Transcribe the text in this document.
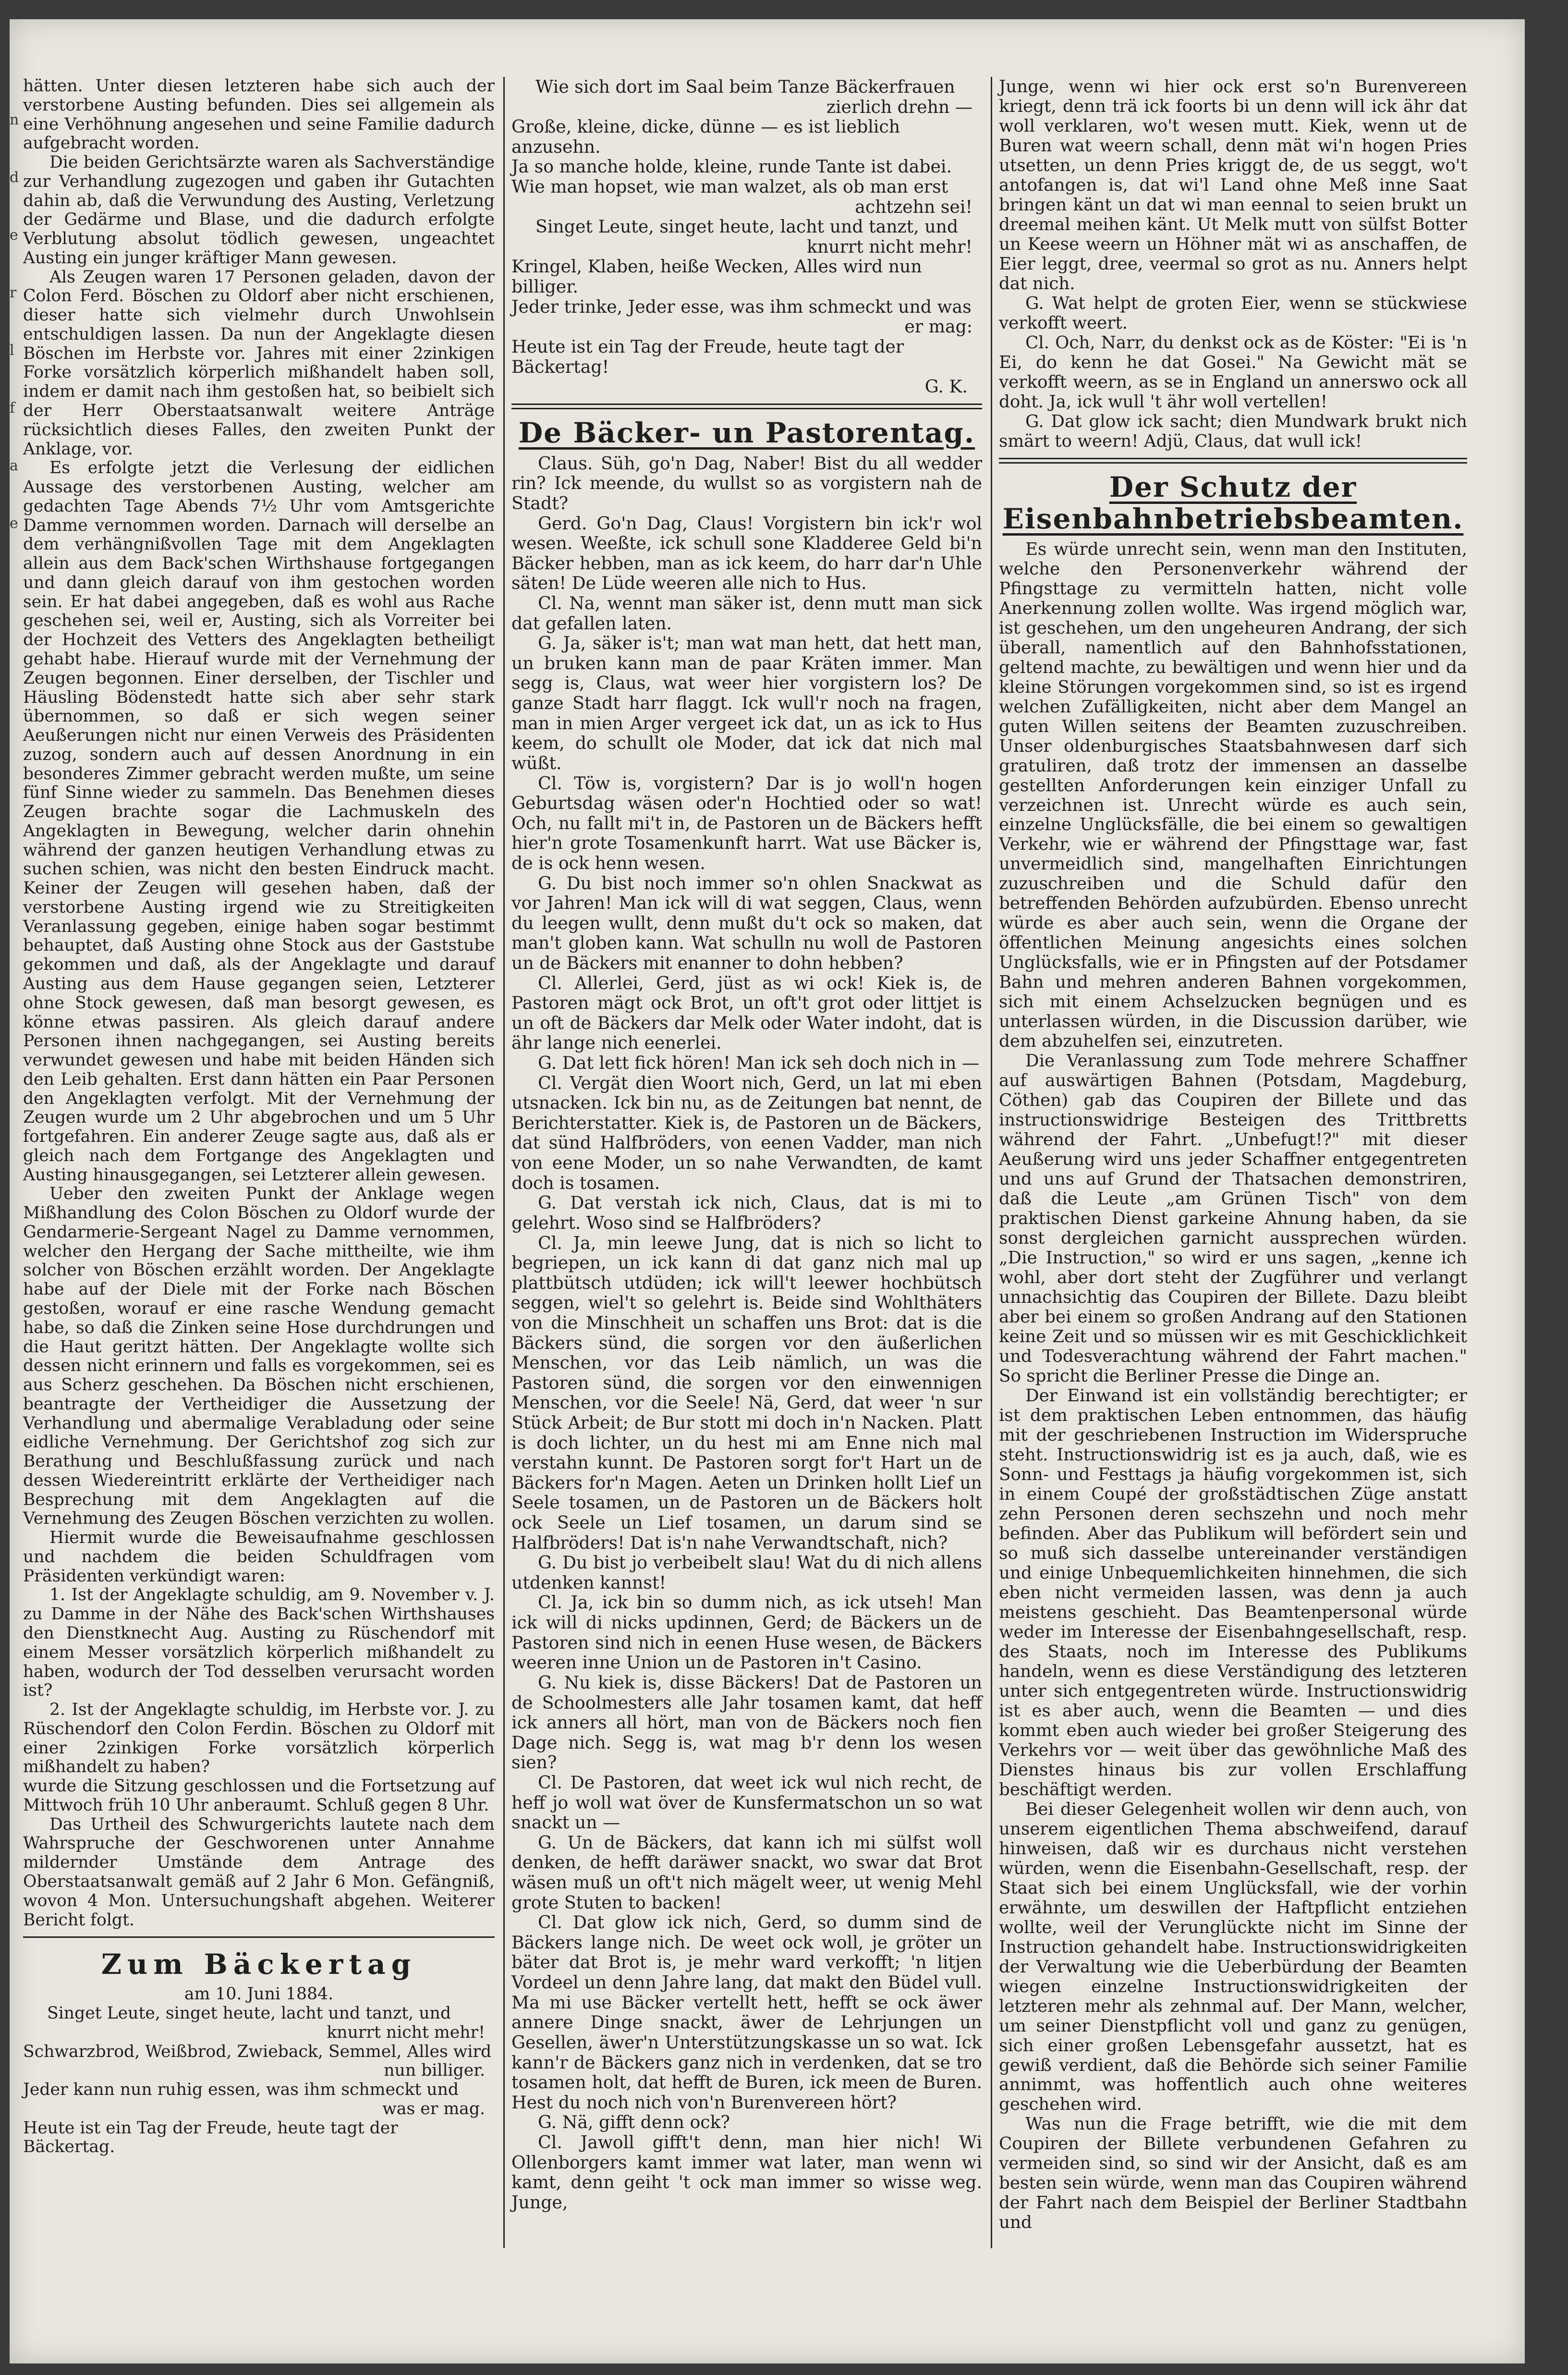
n
d
e
r
l
f
a
e

hätten. Unter diesen letzteren habe sich auch der verstorbene Austing befunden. Dies sei allgemein als eine Verhöhnung angesehen und seine Familie dadurch aufgebracht worden.

Die beiden Gerichtsärzte waren als Sachverständige zur Verhandlung zugezogen und gaben ihr Gutachten dahin ab, daß die Verwundung des Austing, Verletzung der Gedärme und Blase, und die dadurch erfolgte Verblutung absolut tödlich gewesen, ungeachtet Austing ein junger kräftiger Mann gewesen.

Als Zeugen waren 17 Personen geladen, davon der Colon Ferd. Böschen zu Oldorf aber nicht erschienen, dieser hatte sich vielmehr durch Unwohlsein entschuldigen lassen. Da nun der Angeklagte diesen Böschen im Herbste vor. Jahres mit einer 2zinkigen Forke vorsätzlich körperlich mißhandelt haben soll, indem er damit nach ihm gestoßen hat, so beibielt sich der Herr Oberstaatsanwalt weitere Anträge rücksichtlich dieses Falles, den zweiten Punkt der Anklage, vor.

Es erfolgte jetzt die Verlesung der eidlichen Aussage des verstorbenen Austing, welcher am gedachten Tage Abends 7½ Uhr vom Amtsgerichte Damme vernommen worden. Darnach will derselbe an dem verhängnißvollen Tage mit dem Angeklagten allein aus dem Back'schen Wirthshause fortgegangen und dann gleich darauf von ihm gestochen worden sein. Er hat dabei angegeben, daß es wohl aus Rache geschehen sei, weil er, Austing, sich als Vorreiter bei der Hochzeit des Vetters des Angeklagten betheiligt gehabt habe. Hierauf wurde mit der Vernehmung der Zeugen begonnen. Einer derselben, der Tischler und Häusling Bödenstedt hatte sich aber sehr stark übernommen, so daß er sich wegen seiner Aeußerungen nicht nur einen Verweis des Präsidenten zuzog, sondern auch auf dessen Anordnung in ein besonderes Zimmer gebracht werden mußte, um seine fünf Sinne wieder zu sammeln. Das Benehmen dieses Zeugen brachte sogar die Lachmuskeln des Angeklagten in Bewegung, welcher darin ohnehin während der ganzen heutigen Verhandlung etwas zu suchen schien, was nicht den besten Eindruck macht. Keiner der Zeugen will gesehen haben, daß der verstorbene Austing irgend wie zu Streitigkeiten Veranlassung gegeben, einige haben sogar bestimmt behauptet, daß Austing ohne Stock aus der Gaststube gekommen und daß, als der Angeklagte und darauf Austing aus dem Hause gegangen seien, Letzterer ohne Stock gewesen, daß man besorgt gewesen, es könne etwas passiren. Als gleich darauf andere Personen ihnen nachgegangen, sei Austing bereits verwundet gewesen und habe mit beiden Händen sich den Leib gehalten. Erst dann hätten ein Paar Personen den Angeklagten verfolgt. Mit der Vernehmung der Zeugen wurde um 2 Uhr abgebrochen und um 5 Uhr fortgefahren. Ein anderer Zeuge sagte aus, daß als er gleich nach dem Fortgange des Angeklagten und Austing hinausgegangen, sei Letzterer allein gewesen.

Ueber den zweiten Punkt der Anklage wegen Mißhandlung des Colon Böschen zu Oldorf wurde der Gendarmerie-Sergeant Nagel zu Damme vernommen, welcher den Hergang der Sache mittheilte, wie ihm solcher von Böschen erzählt worden. Der Angeklagte habe auf der Diele mit der Forke nach Böschen gestoßen, worauf er eine rasche Wendung gemacht habe, so daß die Zinken seine Hose durchdrungen und die Haut geritzt hätten. Der Angeklagte wollte sich dessen nicht erinnern und falls es vorgekommen, sei es aus Scherz geschehen. Da Böschen nicht erschienen, beantragte der Vertheidiger die Aussetzung der Verhandlung und abermalige Verabladung oder seine eidliche Vernehmung. Der Gerichtshof zog sich zur Berathung und Beschlußfassung zurück und nach dessen Wiedereintritt erklärte der Vertheidiger nach Besprechung mit dem Angeklagten auf die Vernehmung des Zeugen Böschen verzichten zu wollen.

Hiermit wurde die Beweisaufnahme geschlossen und nachdem die beiden Schuldfragen vom Präsidenten verkündigt waren:

1. Ist der Angeklagte schuldig, am 9. November v. J. zu Damme in der Nähe des Back'schen Wirthshauses den Dienstknecht Aug. Austing zu Rüschendorf mit einem Messer vorsätzlich körperlich mißhandelt zu haben, wodurch der Tod desselben verursacht worden ist?

2. Ist der Angeklagte schuldig, im Herbste vor. J. zu Rüschendorf den Colon Ferdin. Böschen zu Oldorf mit einer 2zinkigen Forke vorsätzlich körperlich mißhandelt zu haben?

wurde die Sitzung geschlossen und die Fortsetzung auf Mittwoch früh 10 Uhr anberaumt. Schluß gegen 8 Uhr.

Das Urtheil des Schwurgerichts lautete nach dem Wahrspruche der Geschworenen unter Annahme mildernder Umstände dem Antrage des Oberstaatsanwalt gemäß auf 2 Jahr 6 Mon. Gefängniß, wovon 4 Mon. Untersuchungshaft abgehen. Weiterer Bericht folgt.

Zum Bäckertag
am 10. Juni 1884.
Singet Leute, singet heute, lacht und tanzt, und
knurrt nicht mehr!
Schwarzbrod, Weißbrod, Zwieback, Semmel, Alles wird
nun billiger.
Jeder kann nun ruhig essen, was ihm schmeckt und
was er mag.
Heute ist ein Tag der Freude, heute tagt der Bäckertag.
Wie sich dort im Saal beim Tanze Bäckerfrauen
zierlich drehn —
Große, kleine, dicke, dünne — es ist lieblich anzusehn.
Ja so manche holde, kleine, runde Tante ist dabei.
Wie man hopset, wie man walzet, als ob man erst
achtzehn sei!
Singet Leute, singet heute, lacht und tanzt, und
knurrt nicht mehr!
Kringel, Klaben, heiße Wecken, Alles wird nun billiger.
Jeder trinke, Jeder esse, was ihm schmeckt und was
er mag:
Heute ist ein Tag der Freude, heute tagt der Bäckertag!
G. K.
De Bäcker- un Pastorentag.

Claus. Süh, go'n Dag, Naber! Bist du all wedder rin? Ick meende, du wullst so as vorgistern nah de Stadt?

Gerd. Go'n Dag, Claus! Vorgistern bin ick'r wol wesen. Weeßte, ick schull sone Kladderee Geld bi'n Bäcker hebben, man as ick keem, do harr dar'n Uhle säten! De Lüde weeren alle nich to Hus.

Cl. Na, wennt man säker ist, denn mutt man sick dat gefallen laten.

G. Ja, säker is't; man wat man hett, dat hett man, un bruken kann man de paar Kräten immer. Man segg is, Claus, wat weer hier vorgistern los? De ganze Stadt harr flaggt. Ick wull'r noch na fragen, man in mien Arger vergeet ick dat, un as ick to Hus keem, do schullt ole Moder, dat ick dat nich mal wüßt.

Cl. Töw is, vorgistern? Dar is jo woll'n hogen Geburtsdag wäsen oder'n Hochtied oder so wat! Och, nu fallt mi't in, de Pastoren un de Bäckers hefft hier'n grote Tosamenkunft harrt. Wat use Bäcker is, de is ock henn wesen.

G. Du bist noch immer so'n ohlen Snackwat as vor Jahren! Man ick will di wat seggen, Claus, wenn du leegen wullt, denn mußt du't ock so maken, dat man't globen kann. Wat schulln nu woll de Pastoren un de Bäckers mit enanner to dohn hebben?

Cl. Allerlei, Gerd, jüst as wi ock! Kiek is, de Pastoren mägt ock Brot, un oft't grot oder littjet is un oft de Bäckers dar Melk oder Water indoht, dat is ähr lange nich eenerlei.

G. Dat lett fick hören! Man ick seh doch nich in —

Cl. Vergät dien Woort nich, Gerd, un lat mi eben utsnacken. Ick bin nu, as de Zeitungen bat nennt, de Berichterstatter. Kiek is, de Pastoren un de Bäckers, dat sünd Halfbröders, von eenen Vadder, man nich von eene Moder, un so nahe Verwandten, de kamt doch is tosamen.

G. Dat verstah ick nich, Claus, dat is mi to gelehrt. Woso sind se Halfbröders?

Cl. Ja, min leewe Jung, dat is nich so licht to begriepen, un ick kann di dat ganz nich mal up plattbütsch utdüden; ick will't leewer hochbütsch seggen, wiel't so gelehrt is. Beide sind Wohlthäters von die Minschheit un schaffen uns Brot: dat is die Bäckers sünd, die sorgen vor den äußerlichen Menschen, vor das Leib nämlich, un was die Pastoren sünd, die sorgen vor den einwennigen Menschen, vor die Seele! Nä, Gerd, dat weer 'n sur Stück Arbeit; de Bur stott mi doch in'n Nacken. Platt is doch lichter, un du hest mi am Enne nich mal verstahn kunnt. De Pastoren sorgt for't Hart un de Bäckers for'n Magen. Aeten un Drinken hollt Lief un Seele tosamen, un de Pastoren un de Bäckers holt ock Seele un Lief tosamen, un darum sind se Halfbröders! Dat is'n nahe Verwandtschaft, nich?

G. Du bist jo verbeibelt slau! Wat du di nich allens utdenken kannst!

Cl. Ja, ick bin so dumm nich, as ick utseh! Man ick will di nicks updinnen, Gerd; de Bäckers un de Pastoren sind nich in eenen Huse wesen, de Bäckers weeren inne Union un de Pastoren in't Casino.

G. Nu kiek is, disse Bäckers! Dat de Pastoren un de Schoolmesters alle Jahr tosamen kamt, dat heff ick anners all hört, man von de Bäckers noch fien Dage nich. Segg is, wat mag b'r denn los wesen sien?

Cl. De Pastoren, dat weet ick wul nich recht, de heff jo woll wat över de Kunsfermatschon un so wat snackt un —

G. Un de Bäckers, dat kann ich mi sülfst woll denken, de hefft daräwer snackt, wo swar dat Brot wäsen muß un oft't nich mägelt weer, ut wenig Mehl grote Stuten to backen!

Cl. Dat glow ick nich, Gerd, so dumm sind de Bäckers lange nich. De weet ock woll, je gröter un bäter dat Brot is, je mehr ward verkofft; 'n litjen Vordeel un denn Jahre lang, dat makt den Büdel vull. Ma mi use Bäcker vertellt hett, hefft se ock äwer annere Dinge snackt, äwer de Lehrjungen un Gesellen, äwer'n Unterstützungskasse un so wat. Ick kann'r de Bäckers ganz nich in verdenken, dat se tro tosamen holt, dat hefft de Buren, ick meen de Buren. Hest du noch nich von'n Burenvereen hört?

G. Nä, gifft denn ock?

Cl. Jawoll gifft't denn, man hier nich! Wi Ollenborgers kamt immer wat later, man wenn wi kamt, denn geiht 't ock man immer so wisse weg. Junge,

Junge, wenn wi hier ock erst so'n Burenvereen kriegt, denn trä ick foorts bi un denn will ick ähr dat woll verklaren, wo't wesen mutt. Kiek, wenn ut de Buren wat weern schall, denn mät wi'n hogen Pries utsetten, un denn Pries kriggt de, de us seggt, wo't antofangen is, dat wi'l Land ohne Meß inne Saat bringen känt un dat wi man eennal to seien brukt un dreemal meihen känt. Ut Melk mutt von sülfst Botter un Keese weern un Höhner mät wi as anschaffen, de Eier leggt, dree, veermal so grot as nu. Anners helpt dat nich.

G. Wat helpt de groten Eier, wenn se stückwiese verkofft weert.

Cl. Och, Narr, du denkst ock as de Köster: "Ei is 'n Ei, do kenn he dat Gosei." Na Gewicht mät se verkofft weern, as se in England un annerswo ock all doht. Ja, ick wull 't ähr woll vertellen!

G. Dat glow ick sacht; dien Mundwark brukt nich smärt to weern! Adjü, Claus, dat wull ick!

Der Schutz der Eisenbahnbetriebsbeamten.

Es würde unrecht sein, wenn man den Instituten, welche den Personenverkehr während der Pfingsttage zu vermitteln hatten, nicht volle Anerkennung zollen wollte. Was irgend möglich war, ist geschehen, um den ungeheuren Andrang, der sich überall, namentlich auf den Bahnhofsstationen, geltend machte, zu bewältigen und wenn hier und da kleine Störungen vorgekommen sind, so ist es irgend welchen Zufälligkeiten, nicht aber dem Mangel an guten Willen seitens der Beamten zuzuschreiben. Unser oldenburgisches Staatsbahnwesen darf sich gratuliren, daß trotz der immensen an dasselbe gestellten Anforderungen kein einziger Unfall zu verzeichnen ist. Unrecht würde es auch sein, einzelne Unglücksfälle, die bei einem so gewaltigen Verkehr, wie er während der Pfingsttage war, fast unvermeidlich sind, mangelhaften Einrichtungen zuzuschreiben und die Schuld dafür den betreffenden Behörden aufzubürden. Ebenso unrecht würde es aber auch sein, wenn die Organe der öffentlichen Meinung angesichts eines solchen Unglücksfalls, wie er in Pfingsten auf der Potsdamer Bahn und mehren anderen Bahnen vorgekommen, sich mit einem Achselzucken begnügen und es unterlassen würden, in die Discussion darüber, wie dem abzuhelfen sei, einzutreten.

Die Veranlassung zum Tode mehrere Schaffner auf auswärtigen Bahnen (Potsdam, Magdeburg, Cöthen) gab das Coupiren der Billete und das instructionswidrige Besteigen des Trittbretts während der Fahrt. „Unbefugt!?" mit dieser Aeußerung wird uns jeder Schaffner entgegentreten und uns auf Grund der Thatsachen demonstriren, daß die Leute „am Grünen Tisch" von dem praktischen Dienst garkeine Ahnung haben, da sie sonst dergleichen garnicht aussprechen würden. „Die Instruction," so wird er uns sagen, „kenne ich wohl, aber dort steht der Zugführer und verlangt unnachsichtig das Coupiren der Billete. Dazu bleibt aber bei einem so großen Andrang auf den Stationen keine Zeit und so müssen wir es mit Geschicklichkeit und Todesverachtung während der Fahrt machen." So spricht die Berliner Presse die Dinge an.

Der Einwand ist ein vollständig berechtigter; er ist dem praktischen Leben entnommen, das häufig mit der geschriebenen Instruction im Widerspruche steht. Instructionswidrig ist es ja auch, daß, wie es Sonn- und Festtags ja häufig vorgekommen ist, sich in einem Coupé der großstädtischen Züge anstatt zehn Personen deren sechszehn und noch mehr befinden. Aber das Publikum will befördert sein und so muß sich dasselbe untereinander verständigen und einige Unbequemlichkeiten hinnehmen, die sich eben nicht vermeiden lassen, was denn ja auch meistens geschieht. Das Beamtenpersonal würde weder im Interesse der Eisenbahngesellschaft, resp. des Staats, noch im Interesse des Publikums handeln, wenn es diese Verständigung des letzteren unter sich entgegentreten würde. Instructionswidrig ist es aber auch, wenn die Beamten — und dies kommt eben auch wieder bei großer Steigerung des Verkehrs vor — weit über das gewöhnliche Maß des Dienstes hinaus bis zur vollen Erschlaffung beschäftigt werden.

Bei dieser Gelegenheit wollen wir denn auch, von unserem eigentlichen Thema abschweifend, darauf hinweisen, daß wir es durchaus nicht verstehen würden, wenn die Eisenbahn-Gesellschaft, resp. der Staat sich bei einem Unglücksfall, wie der vorhin erwähnte, um deswillen der Haftpflicht entziehen wollte, weil der Verunglückte nicht im Sinne der Instruction gehandelt habe. Instructionswidrigkeiten der Verwaltung wie die Ueberbürdung der Beamten wiegen einzelne Instructionswidrigkeiten der letzteren mehr als zehnmal auf. Der Mann, welcher, um seiner Dienstpflicht voll und ganz zu genügen, sich einer großen Lebensgefahr aussetzt, hat es gewiß verdient, daß die Behörde sich seiner Familie annimmt, was hoffentlich auch ohne weiteres geschehen wird.

Was nun die Frage betrifft, wie die mit dem Coupiren der Billete verbundenen Gefahren zu vermeiden sind, so sind wir der Ansicht, daß es am besten sein würde, wenn man das Coupiren während der Fahrt nach dem Beispiel der Berliner Stadtbahn und
